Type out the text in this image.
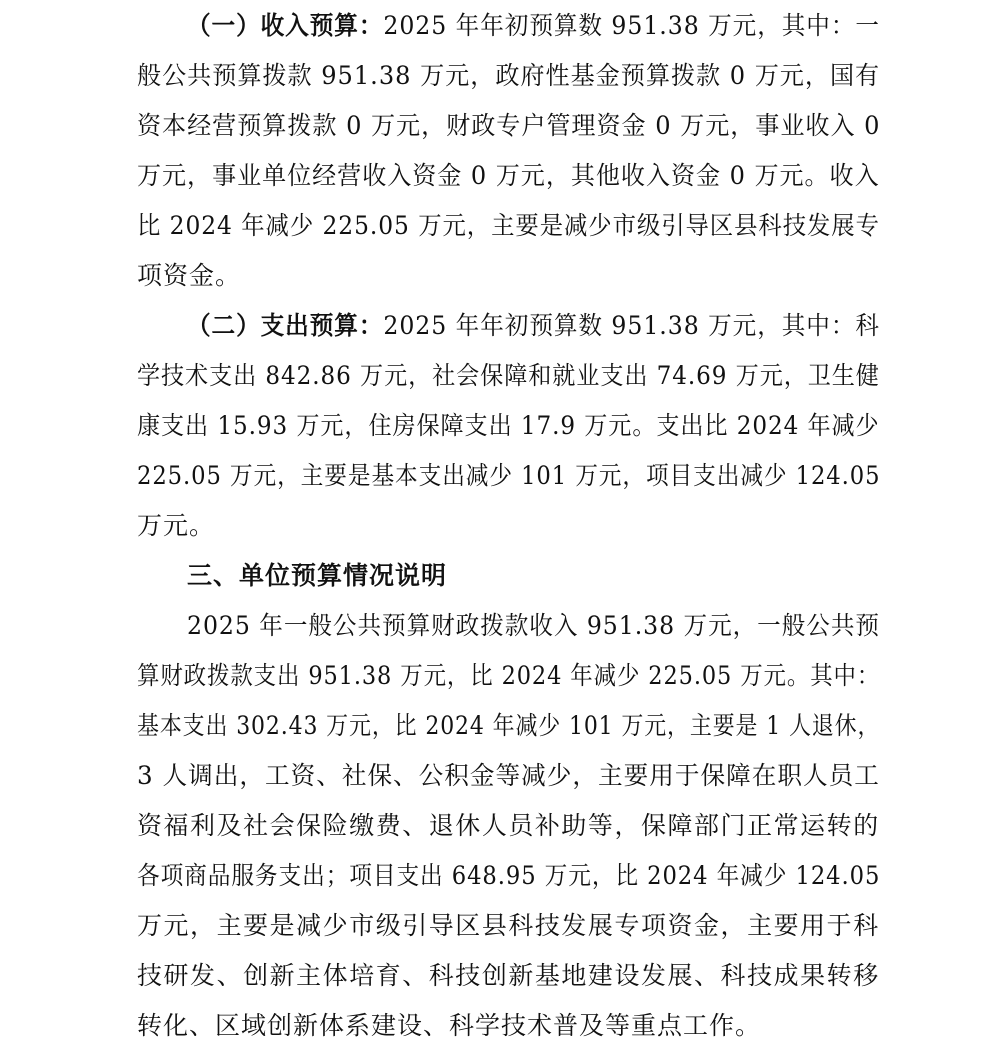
（一）收入预算：2025 年年初预算数 951.38 万元，其中：一
般公共预算拨款 951.38 万元，政府性基金预算拨款 0 万元，国有
资本经营预算拨款 0 万元，财政专户管理资金 0 万元，事业收入 0
万元，事业单位经营收入资金 0 万元，其他收入资金 0 万元。收入
比 2024 年减少 225.05 万元，主要是减少市级引导区县科技发展专
项资金。
（二）支出预算：2025 年年初预算数 951.38 万元，其中：科
学技术支出 842.86 万元，社会保障和就业支出 74.69 万元，卫生健
康支出 15.93 万元，住房保障支出 17.9 万元。支出比 2024 年减少
225.05 万元，主要是基本支出减少 101 万元，项目支出减少 124.05
万元。
三、单位预算情况说明
2025 年一般公共预算财政拨款收入 951.38 万元，一般公共预
算财政拨款支出 951.38 万元，比 2024 年减少 225.05 万元。其中：
基本支出 302.43 万元，比 2024 年减少 101 万元，主要是 1 人退休，
3 人调出，工资、社保、公积金等减少，主要用于保障在职人员工
资福利及社会保险缴费、退休人员补助等，保障部门正常运转的
各项商品服务支出；项目支出 648.95 万元，比 2024 年减少 124.05
万元，主要是减少市级引导区县科技发展专项资金，主要用于科
技研发、创新主体培育、科技创新基地建设发展、科技成果转移
转化、区域创新体系建设、科学技术普及等重点工作。
